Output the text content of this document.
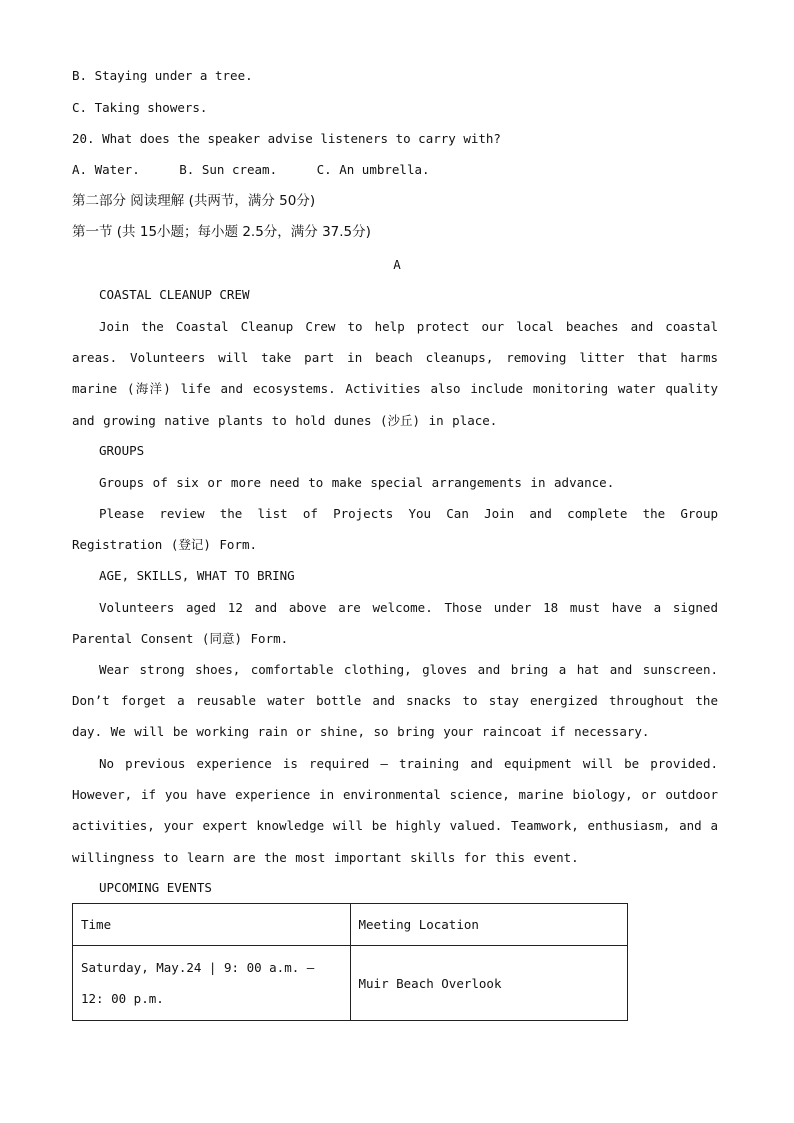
B. Staying under a tree.
C. Taking showers.
20. What does the speaker advise listeners to carry with?
A. Water.	B. Sun cream.	C. An umbrella.
第二部分 阅读理解 (共两节，满分 50分)
第一节 (共 15小题；每小题 2.5分，满分 37.5分)
A
COASTAL CLEANUP CREW
Join the Coastal Cleanup Crew to help protect our local beaches and coastal areas. Volunteers will take part in beach cleanups, removing litter that harms marine (海洋) life and ecosystems. Activities also include monitoring water quality and growing native plants to hold dunes (沙丘) in place.
GROUPS
Groups of six or more need to make special arrangements in advance.
Please review the list of Projects You Can Join and complete the Group Registration (登记) Form.
AGE, SKILLS, WHAT TO BRING
Volunteers aged 12 and above are welcome. Those under 18 must have a signed Parental Consent (同意) Form.
Wear strong shoes, comfortable clothing, gloves and bring a hat and sunscreen. Don’t forget a reusable water bottle and snacks to stay energized throughout the day. We will be working rain or shine, so bring your raincoat if necessary.
No previous experience is required — training and equipment will be provided. However, if you have experience in environmental science, marine biology, or outdoor activities, your expert knowledge will be highly valued. Teamwork, enthusiasm, and a willingness to learn are the most important skills for this event.
UPCOMING EVENTS
Time	Meeting Location
Saturday, May.24 | 9: 00 a.m. — 12: 00 p.m.	Muir Beach Overlook
